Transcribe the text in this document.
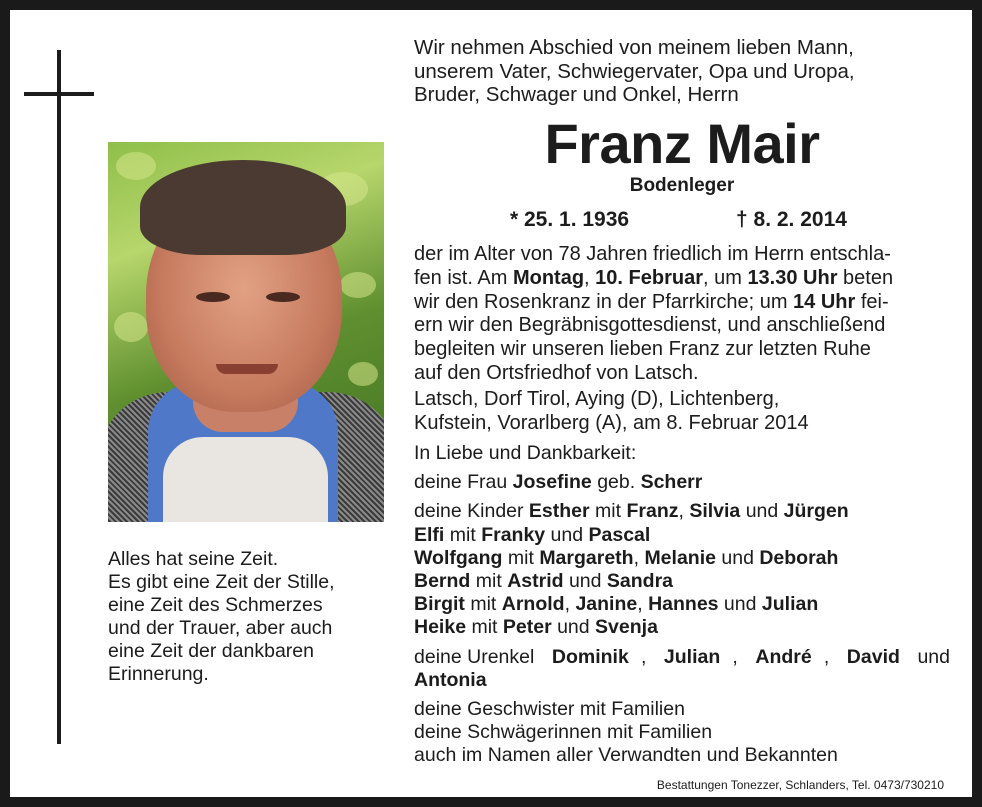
Alles hat seine Zeit.
Es gibt eine Zeit der Stille,
eine Zeit des Schmerzes
und der Trauer, aber auch
eine Zeit der dankbaren
Erinnerung.
Wir nehmen Abschied von meinem lieben Mann,
unserem Vater, Schwiegervater, Opa und Uropa,
Bruder, Schwager und Onkel, Herrn
Franz Mair
Bodenleger
* 25. 1. 1936	† 8. 2. 2014
der im Alter von 78 Jahren friedlich im Herrn entschla-
fen ist. Am Montag , 10. Februar , um 13.30 Uhr beten
wir den Rosenkranz in der Pfarrkirche; um 14 Uhr fei-
ern wir den Begräbnisgottesdienst, und anschließend
begleiten wir unseren lieben Franz zur letzten Ruhe
auf den Ortsfriedhof von Latsch.
Latsch, Dorf Tirol, Aying (D), Lichtenberg,
Kufstein, Vorarlberg (A), am 8. Februar 2014
In Liebe und Dankbarkeit:
deine Frau Josefine geb. Scherr
deine Kinder Esther mit Franz, Silvia und Jürgen
Elfi mit Franky und Pascal
Wolfgang mit Margareth, Melanie und Deborah
Bernd mit Astrid und Sandra
Birgit mit Arnold, Janine, Hannes und Julian
Heike mit Peter und Svenja
deine Urenkel Dominik , Julian , André , David und
Antonia
deine Geschwister mit Familien
deine Schwägerinnen mit Familien
auch im Namen aller Verwandten und Bekannten
Bestattungen Tonezzer, Schlanders, Tel. 0473/730210
